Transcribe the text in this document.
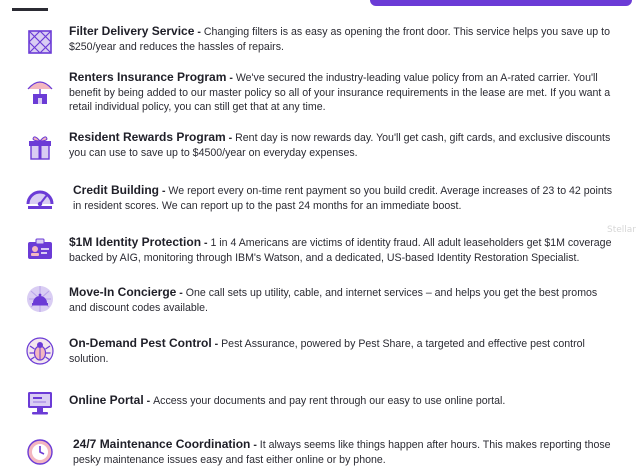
Filter Delivery Service - Changing filters is as easy as opening the front door. This service helps you save up to $250/year and reduces the hassles of repairs.
Renters Insurance Program - We've secured the industry-leading value policy from an A-rated carrier. You'll benefit by being added to our master policy so all of your insurance requirements in the lease are met. If you want a retail individual policy, you can still get that at any time.
Resident Rewards Program - Rent day is now rewards day. You'll get cash, gift cards, and exclusive discounts you can use to save up to $4500/year on everyday expenses.
Credit Building - We report every on-time rent payment so you build credit. Average increases of 23 to 42 points in resident scores. We can report up to the past 24 months for an immediate boost.
$1M Identity Protection - 1 in 4 Americans are victims of identity fraud. All adult leaseholders get $1M coverage backed by AIG, monitoring through IBM's Watson, and a dedicated, US-based Identity Restoration Specialist.
Stellar
Move-In Concierge - One call sets up utility, cable, and internet services – and helps you get the best promos and discount codes available.
On-Demand Pest Control - Pest Assurance, powered by Pest Share, a targeted and effective pest control solution.
Online Portal - Access your documents and pay rent through our easy to use online portal.
24/7 Maintenance Coordination - It always seems like things happen after hours. This makes reporting those pesky maintenance issues easy and fast either online or by phone.
